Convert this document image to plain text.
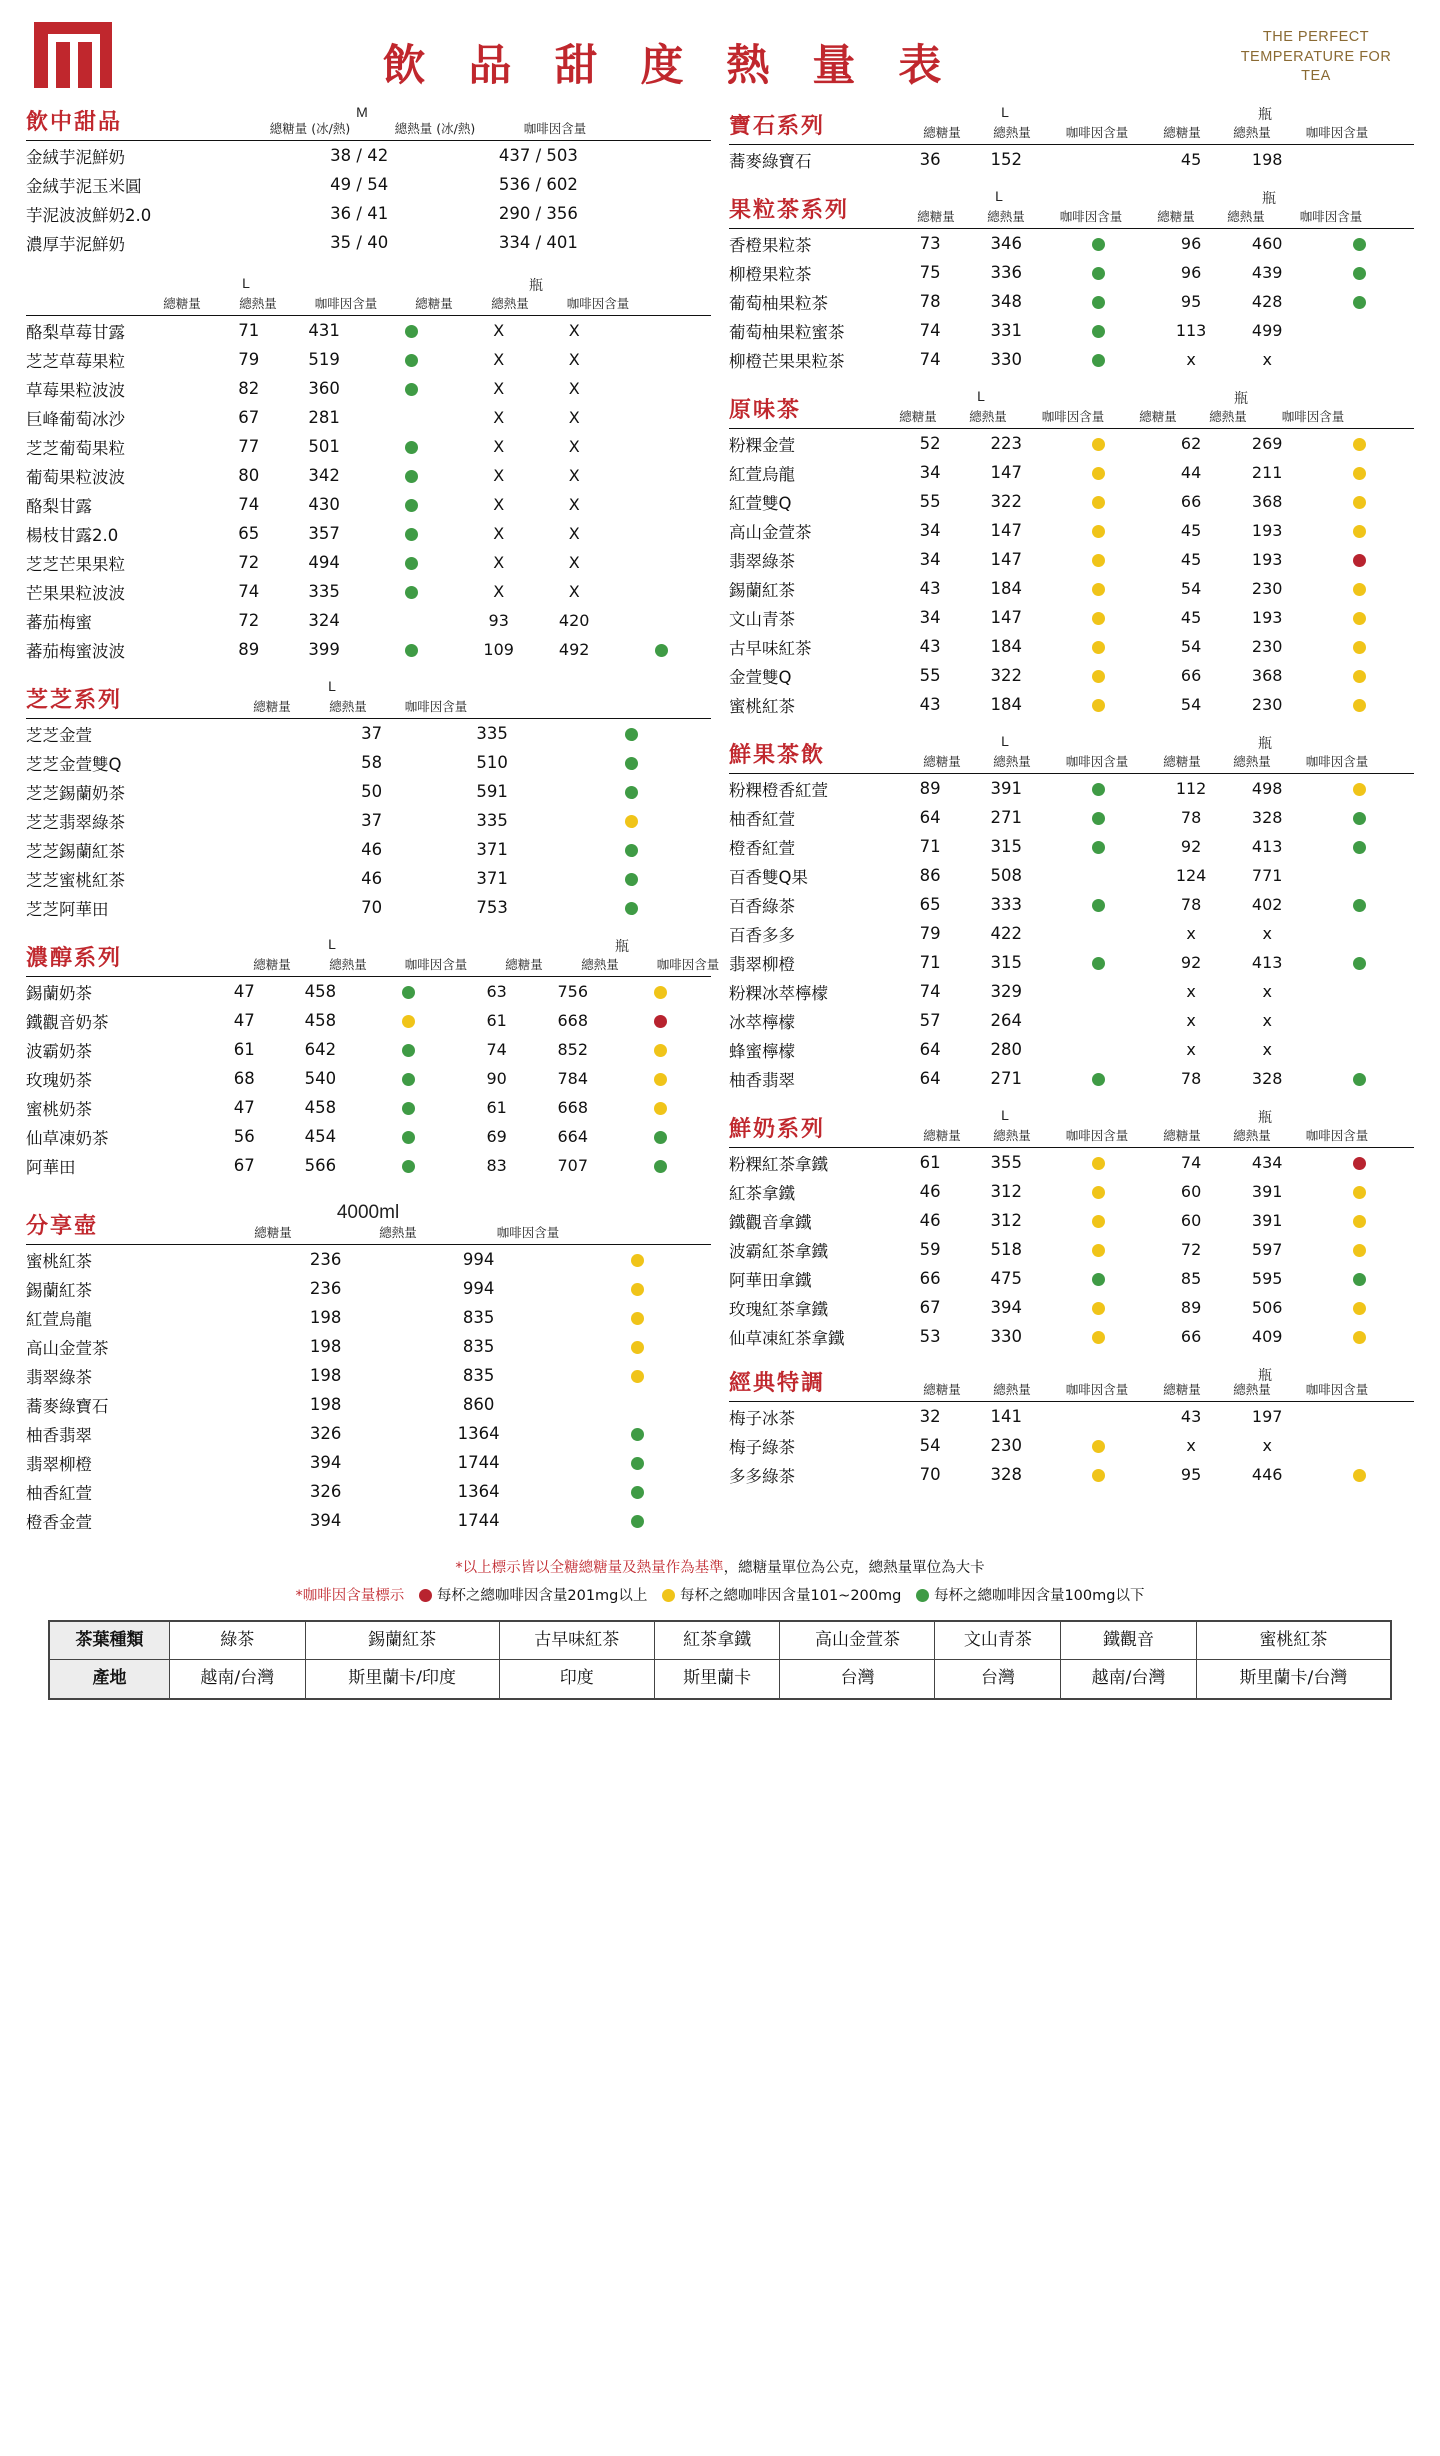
飲 品 甜 度 熱 量 表
THE PERFECT TEMPERATURE FOR TEA
飲中甜品	M
總糖量 (冰/熱)	總熱量 (冰/熱)	咖啡因含量
金絨芋泥鮮奶	38 / 42	437 / 503	
金絨芋泥玉米圓	49 / 54	536 / 602	
芋泥波波鮮奶2.0	36 / 41	290 / 356	
濃厚芋泥鮮奶	35 / 40	334 / 401	
L	瓶
總糖量	總熱量	咖啡因含量	總糖量	總熱量	咖啡因含量
酪梨草莓甘露	71	431		X	X	
芝芝草莓果粒	79	519		X	X	
草莓果粒波波	82	360		X	X	
巨峰葡萄冰沙	67	281		X	X	
芝芝葡萄果粒	77	501		X	X	
葡萄果粒波波	80	342		X	X	
酪梨甘露	74	430		X	X	
楊枝甘露2.0	65	357		X	X	
芝芝芒果果粒	72	494		X	X	
芒果果粒波波	74	335		X	X	
蕃茄梅蜜	72	324		93	420	
蕃茄梅蜜波波	89	399		109	492	
芝芝系列
L
總糖量	總熱量	咖啡因含量
芝芝金萱	37	335	
芝芝金萱雙Q	58	510	
芝芝錫蘭奶茶	50	591	
芝芝翡翠綠茶	37	335	
芝芝錫蘭紅茶	46	371	
芝芝蜜桃紅茶	46	371	
芝芝阿華田	70	753	
濃醇系列
L	瓶
總糖量	總熱量	咖啡因含量	總糖量	總熱量	咖啡因含量
錫蘭奶茶	47	458		63	756	
鐵觀音奶茶	47	458		61	668	
波霸奶茶	61	642		74	852	
玫瑰奶茶	68	540		90	784	
蜜桃奶茶	47	458		61	668	
仙草凍奶茶	56	454		69	664	
阿華田	67	566		83	707	
分享壺
4000ml
總糖量	總熱量	咖啡因含量
蜜桃紅茶	236	994	
錫蘭紅茶	236	994	
紅萱烏龍	198	835	
高山金萱茶	198	835	
翡翠綠茶	198	835	
蕎麥綠寶石	198	860	
柚香翡翠	326	1364	
翡翠柳橙	394	1744	
柚香紅萱	326	1364	
橙香金萱	394	1744	
寶石系列
L	瓶
總糖量	總熱量	咖啡因含量	總糖量	總熱量	咖啡因含量
蕎麥綠寶石	36	152		45	198	
果粒茶系列
L	瓶
總糖量	總熱量	咖啡因含量	總糖量	總熱量	咖啡因含量
香橙果粒茶	73	346		96	460	
柳橙果粒茶	75	336		96	439	
葡萄柚果粒茶	78	348		95	428	
葡萄柚果粒蜜茶	74	331		113	499	
柳橙芒果果粒茶	74	330		x	x	
原味茶
L	瓶
總糖量	總熱量	咖啡因含量	總糖量	總熱量	咖啡因含量
粉粿金萱	52	223		62	269	
紅萱烏龍	34	147		44	211	
紅萱雙Q	55	322		66	368	
高山金萱茶	34	147		45	193	
翡翠綠茶	34	147		45	193	
錫蘭紅茶	43	184		54	230	
文山青茶	34	147		45	193	
古早味紅茶	43	184		54	230	
金萱雙Q	55	322		66	368	
蜜桃紅茶	43	184		54	230	
鮮果茶飲
L	瓶
總糖量	總熱量	咖啡因含量	總糖量	總熱量	咖啡因含量
粉粿橙香紅萱	89	391		112	498	
柚香紅萱	64	271		78	328	
橙香紅萱	71	315		92	413	
百香雙Q果	86	508		124	771	
百香綠茶	65	333		78	402	
百香多多	79	422		x	x	
翡翠柳橙	71	315		92	413	
粉粿冰萃檸檬	74	329		x	x	
冰萃檸檬	57	264		x	x	
蜂蜜檸檬	64	280		x	x	
柚香翡翠	64	271		78	328	
鮮奶系列
L	瓶
總糖量	總熱量	咖啡因含量	總糖量	總熱量	咖啡因含量
粉粿紅茶拿鐵	61	355		74	434	
紅茶拿鐵	46	312		60	391	
鐵觀音拿鐵	46	312		60	391	
波霸紅茶拿鐵	59	518		72	597	
阿華田拿鐵	66	475		85	595	
玫瑰紅茶拿鐵	67	394		89	506	
仙草凍紅茶拿鐵	53	330		66	409	
經典特調	瓶
總糖量	總熱量	咖啡因含量	總糖量	總熱量	咖啡因含量
梅子冰茶	32	141		43	197	
梅子綠茶	54	230		x	x	
多多綠茶	70	328		95	446	
*以上標示皆以全糖總糖量及熱量作為基準，總糖量單位為公克，總熱量單位為大卡
*咖啡因含量標示 每杯之總咖啡因含量201mg以上 每杯之總咖啡因含量101~200mg 每杯之總咖啡因含量100mg以下
茶葉種類	綠茶	錫蘭紅茶	古早味紅茶	紅茶拿鐵	高山金萱茶	文山青茶	鐵觀音	蜜桃紅茶
產地	越南/台灣	斯里蘭卡/印度	印度	斯里蘭卡	台灣	台灣	越南/台灣	斯里蘭卡/台灣
